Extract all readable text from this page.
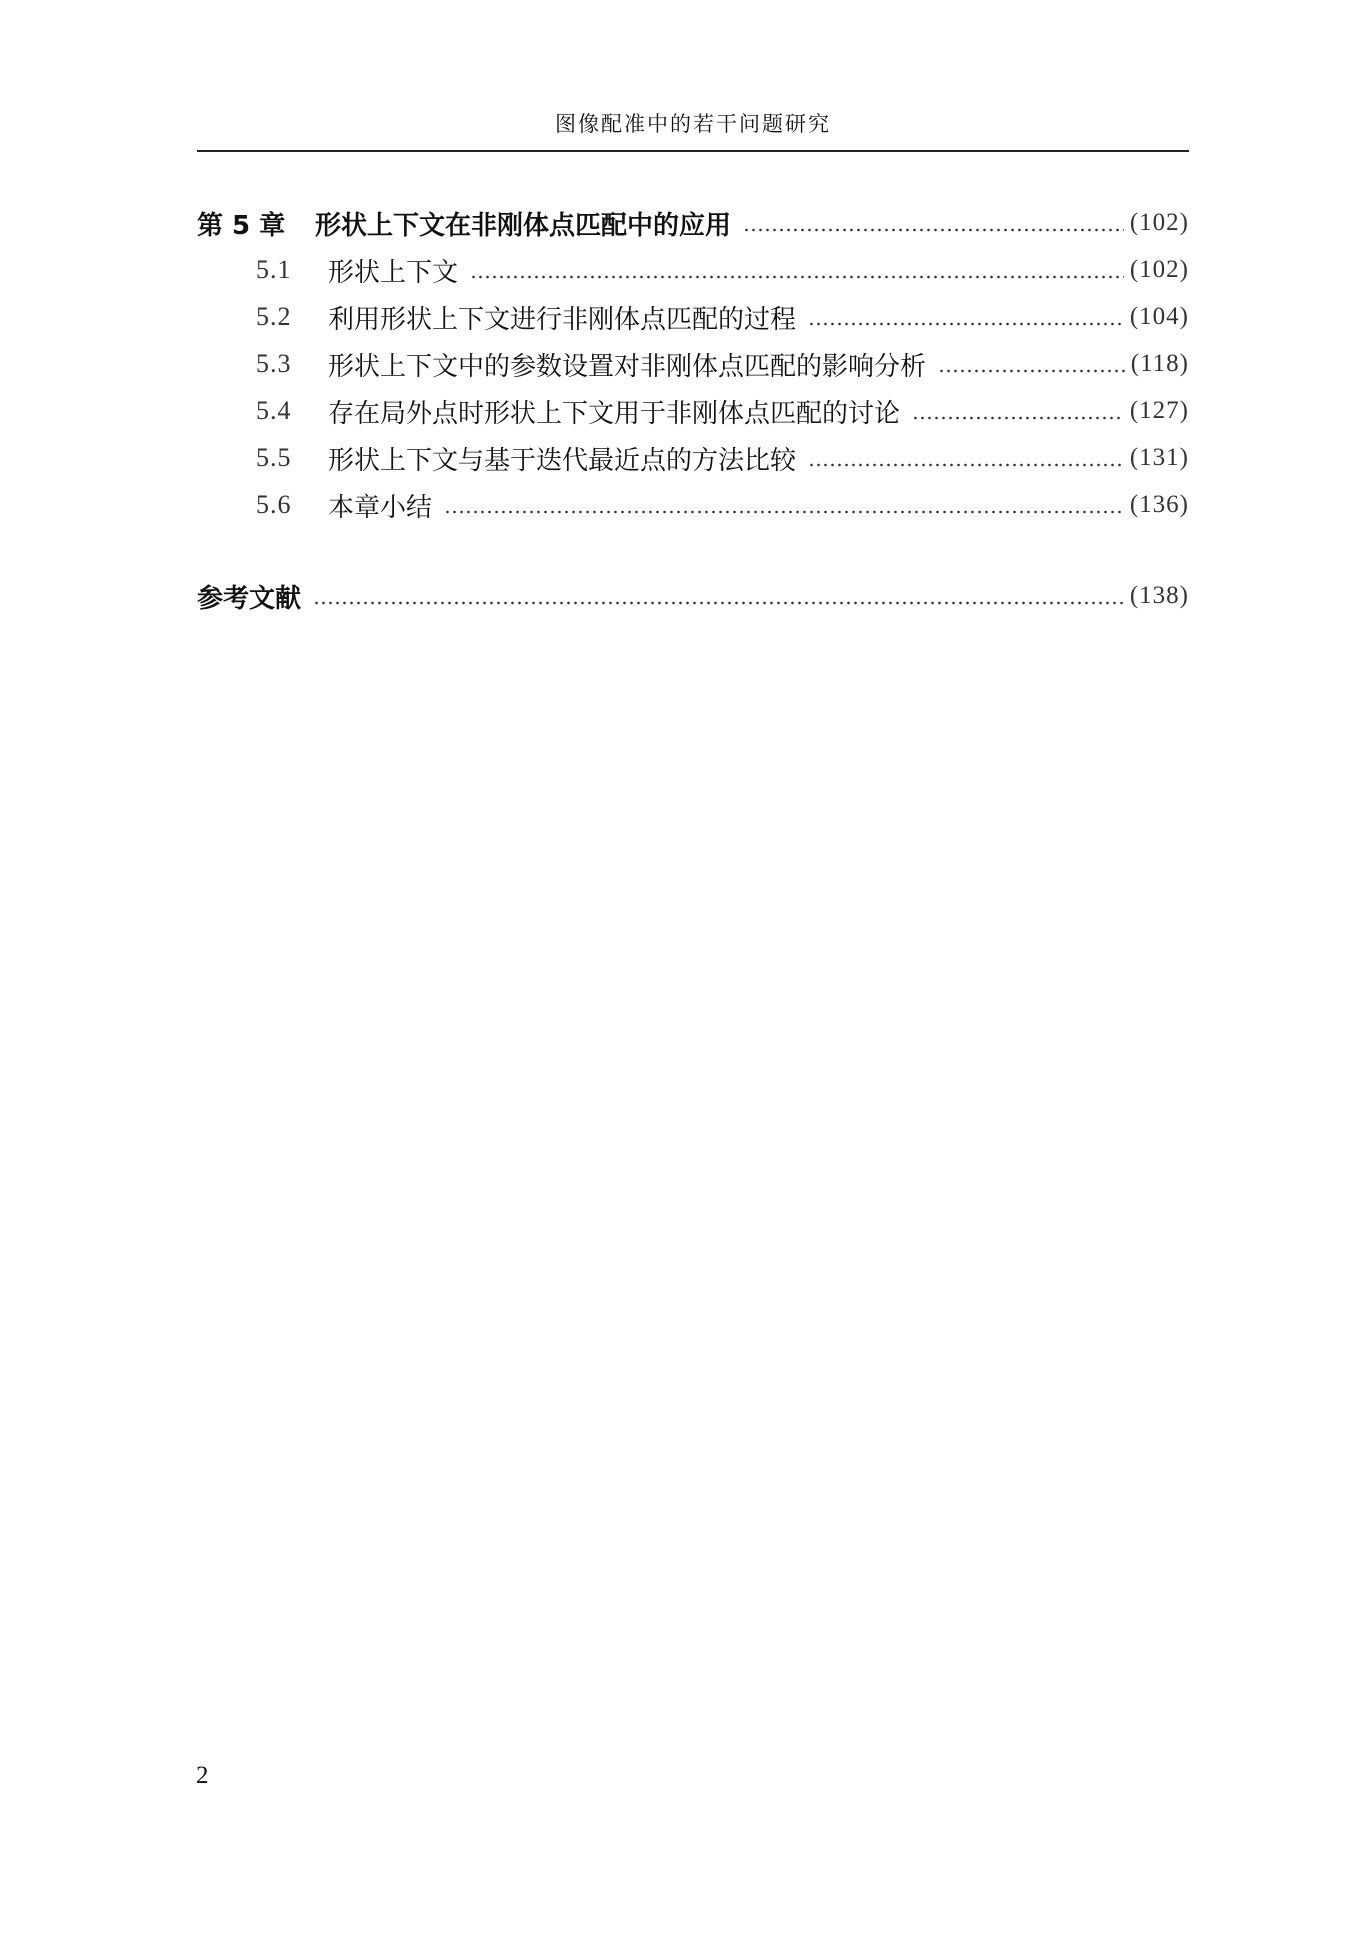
图像配准中的若干问题研究
第 5 章	形状上下文在非刚体点匹配中的应用	(102)
5.1	形状上下文	(102)
5.2	利用形状上下文进行非刚体点匹配的过程	(104)
5.3	形状上下文中的参数设置对非刚体点匹配的影响分析	(118)
5.4	存在局外点时形状上下文用于非刚体点匹配的讨论	(127)
5.5	形状上下文与基于迭代最近点的方法比较	(131)
5.6	本章小结	(136)
参考文献	(138)
2
